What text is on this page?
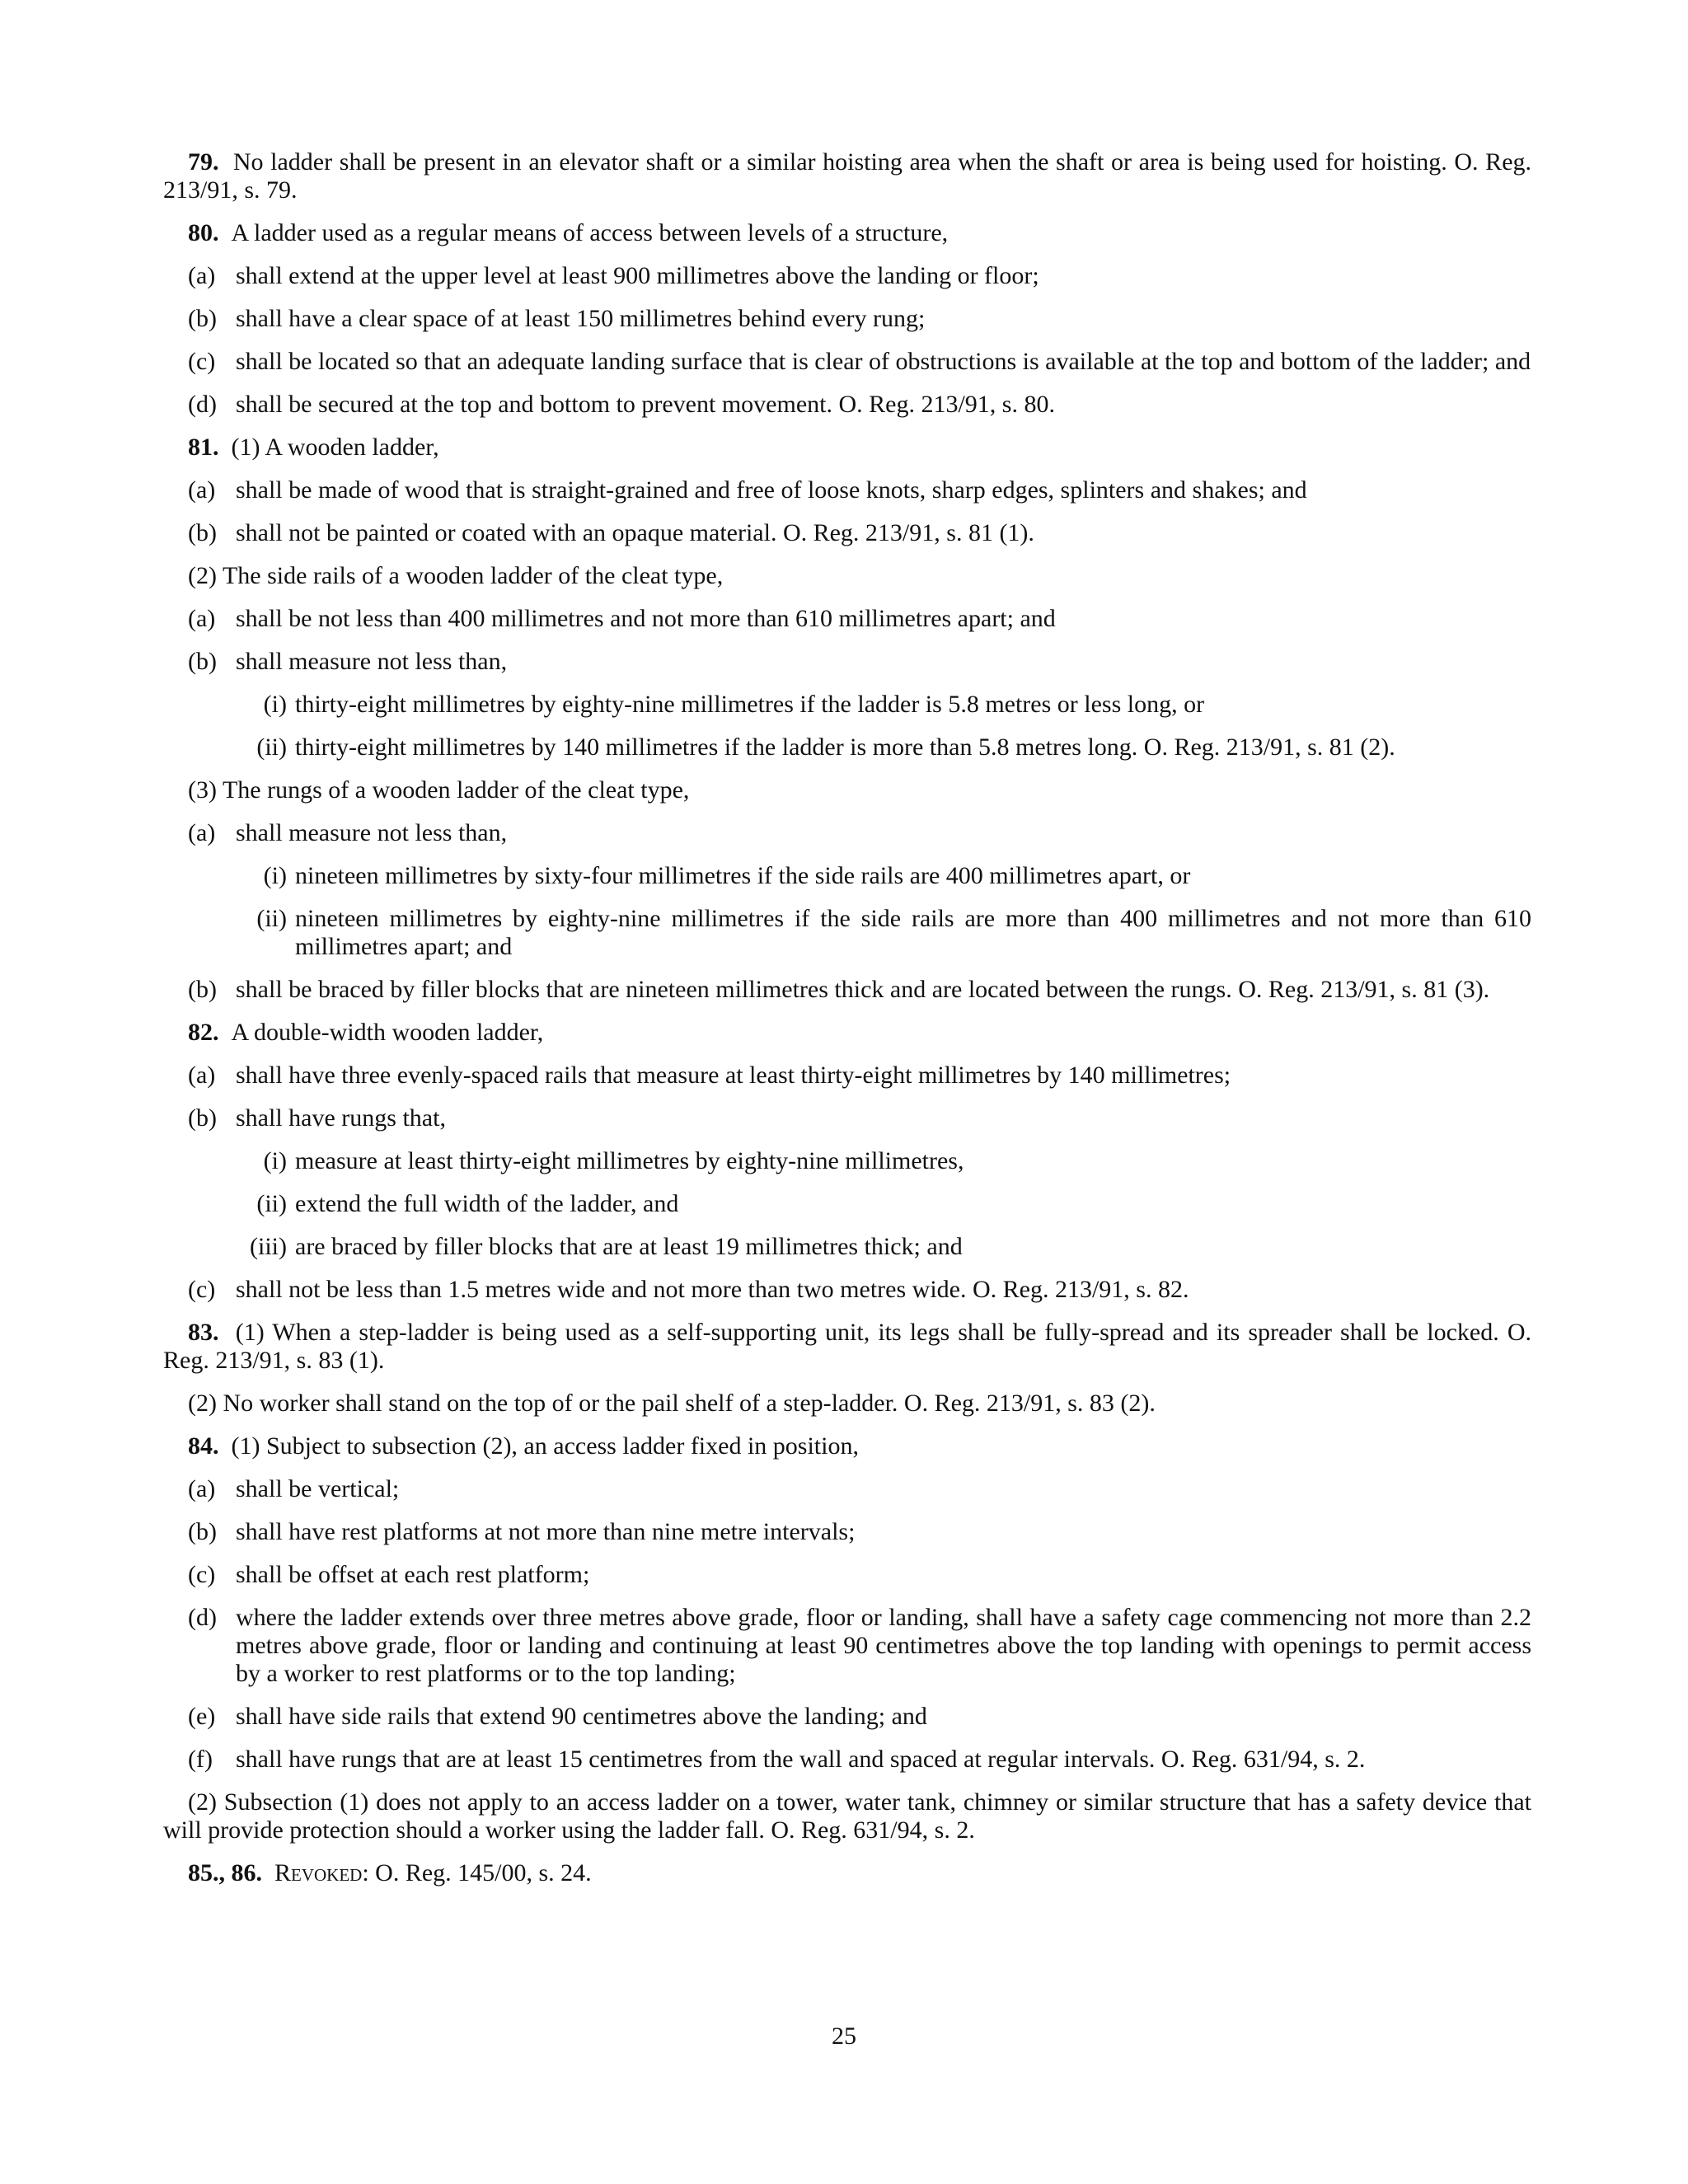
79. No ladder shall be present in an elevator shaft or a similar hoisting area when the shaft or area is being used for hoisting. O. Reg. 213/91, s. 79.
80. A ladder used as a regular means of access between levels of a structure,
(a) shall extend at the upper level at least 900 millimetres above the landing or floor;
(b) shall have a clear space of at least 150 millimetres behind every rung;
(c) shall be located so that an adequate landing surface that is clear of obstructions is available at the top and bottom of the ladder; and
(d) shall be secured at the top and bottom to prevent movement. O. Reg. 213/91, s. 80.
81. (1) A wooden ladder,
(a) shall be made of wood that is straight-grained and free of loose knots, sharp edges, splinters and shakes; and
(b) shall not be painted or coated with an opaque material. O. Reg. 213/91, s. 81 (1).
(2) The side rails of a wooden ladder of the cleat type,
(a) shall be not less than 400 millimetres and not more than 610 millimetres apart; and
(b) shall measure not less than,
(i) thirty-eight millimetres by eighty-nine millimetres if the ladder is 5.8 metres or less long, or
(ii) thirty-eight millimetres by 140 millimetres if the ladder is more than 5.8 metres long. O. Reg. 213/91, s. 81 (2).
(3) The rungs of a wooden ladder of the cleat type,
(a) shall measure not less than,
(i) nineteen millimetres by sixty-four millimetres if the side rails are 400 millimetres apart, or
(ii) nineteen millimetres by eighty-nine millimetres if the side rails are more than 400 millimetres and not more than 610 millimetres apart; and
(b) shall be braced by filler blocks that are nineteen millimetres thick and are located between the rungs. O. Reg. 213/91, s. 81 (3).
82. A double-width wooden ladder,
(a) shall have three evenly-spaced rails that measure at least thirty-eight millimetres by 140 millimetres;
(b) shall have rungs that,
(i) measure at least thirty-eight millimetres by eighty-nine millimetres,
(ii) extend the full width of the ladder, and
(iii) are braced by filler blocks that are at least 19 millimetres thick; and
(c) shall not be less than 1.5 metres wide and not more than two metres wide. O. Reg. 213/91, s. 82.
83. (1) When a step-ladder is being used as a self-supporting unit, its legs shall be fully-spread and its spreader shall be locked. O. Reg. 213/91, s. 83 (1).
(2) No worker shall stand on the top of or the pail shelf of a step-ladder. O. Reg. 213/91, s. 83 (2).
84. (1) Subject to subsection (2), an access ladder fixed in position,
(a) shall be vertical;
(b) shall have rest platforms at not more than nine metre intervals;
(c) shall be offset at each rest platform;
(d) where the ladder extends over three metres above grade, floor or landing, shall have a safety cage commencing not more than 2.2 metres above grade, floor or landing and continuing at least 90 centimetres above the top landing with openings to permit access by a worker to rest platforms or to the top landing;
(e) shall have side rails that extend 90 centimetres above the landing; and
(f) shall have rungs that are at least 15 centimetres from the wall and spaced at regular intervals. O. Reg. 631/94, s. 2.
(2) Subsection (1) does not apply to an access ladder on a tower, water tank, chimney or similar structure that has a safety device that will provide protection should a worker using the ladder fall. O. Reg. 631/94, s. 2.
85., 86. Revoked: O. Reg. 145/00, s. 24.
25
